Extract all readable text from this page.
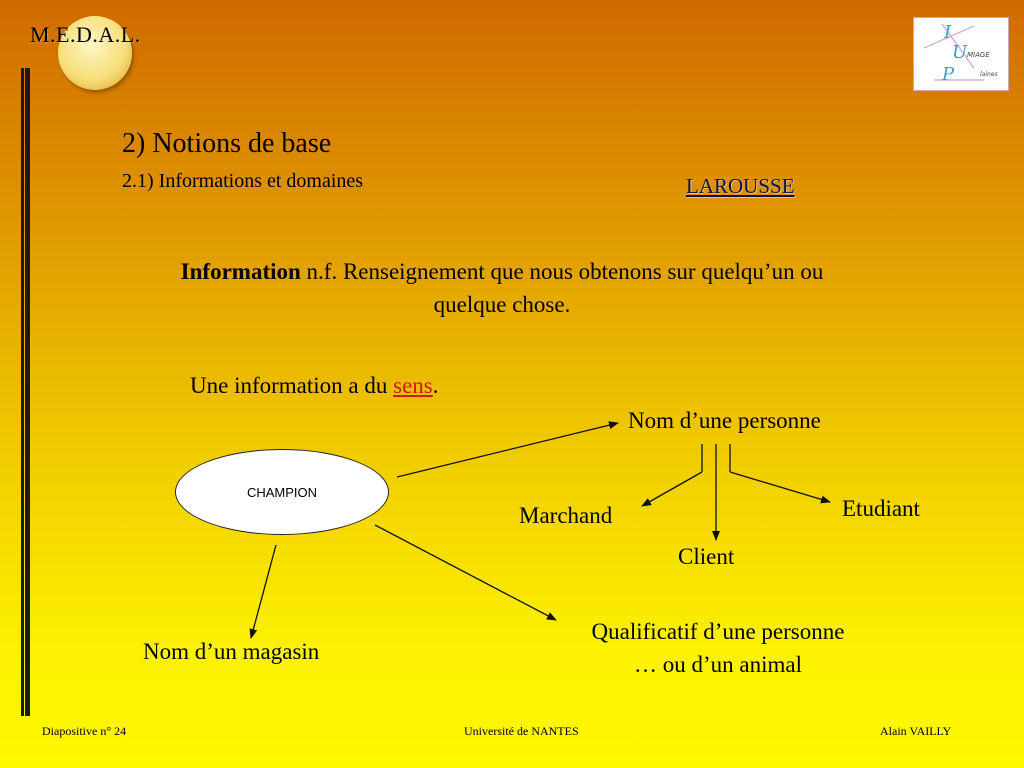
M.E.D.A.L.	I
U
P
MIAGE
laines
2) Notions de base
2.1) Informations et domaines	LAROUSSE
Information n.f. Renseignement que nous obtenons sur quelqu’un ou quelque chose.
Une information a du sens.
CHAMPION
Nom d’une personne
Marchand
Client
Etudiant
Nom d’un magasin
Qualificatif d’une personne
… ou d’un animal
Diapositive n° 24	Université de NANTES	Alain VAILLY
